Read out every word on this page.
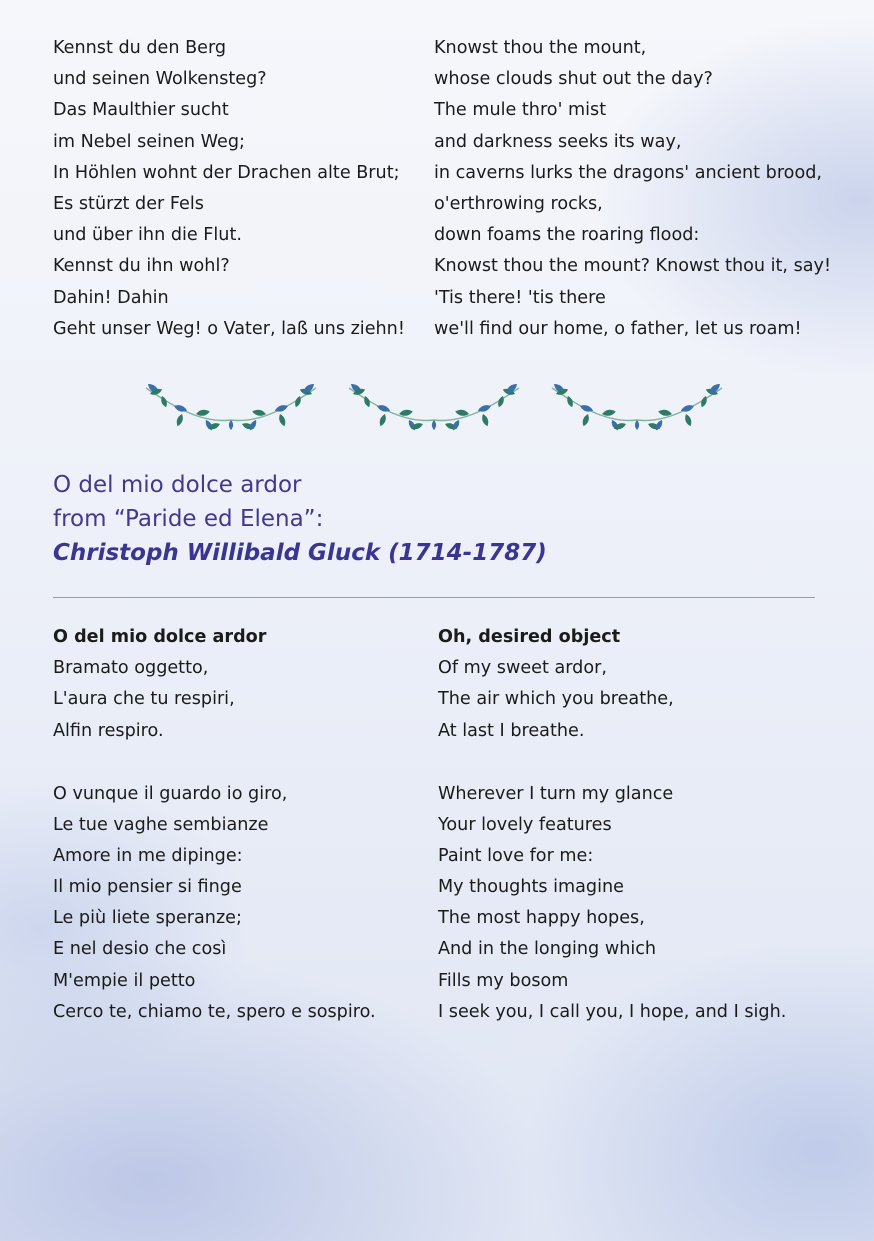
Kennst du den Berg
und seinen Wolkensteg?
Das Maulthier sucht
im Nebel seinen Weg;
In Höhlen wohnt der Drachen alte Brut;
Es stürzt der Fels
und über ihn die Flut.
Kennst du ihn wohl?
Dahin! Dahin
Geht unser Weg! o Vater, laß uns ziehn!
Knowst thou the mount,
whose clouds shut out the day?
The mule thro' mist
and darkness seeks its way,
in caverns lurks the dragons' ancient brood,
o'erthrowing rocks,
down foams the roaring flood:
Knowst thou the mount? Knowst thou it, say!
'Tis there! 'tis there
we'll find our home, o father, let us roam!
O del mio dolce ardor
from “Paride ed Elena”:
Christoph Willibald Gluck (1714-1787)
O del mio dolce ardor
Bramato oggetto,
L'aura che tu respiri,
Alfin respiro.
O vunque il guardo io giro,
Le tue vaghe sembianze
Amore in me dipinge:
Il mio pensier si finge
Le più liete speranze;
E nel desio che così
M'empie il petto
Cerco te, chiamo te, spero e sospiro.
Oh, desired object
Of my sweet ardor,
The air which you breathe,
At last I breathe.
Wherever I turn my glance
Your lovely features
Paint love for me:
My thoughts imagine
The most happy hopes,
And in the longing which
Fills my bosom
I seek you, I call you, I hope, and I sigh.
